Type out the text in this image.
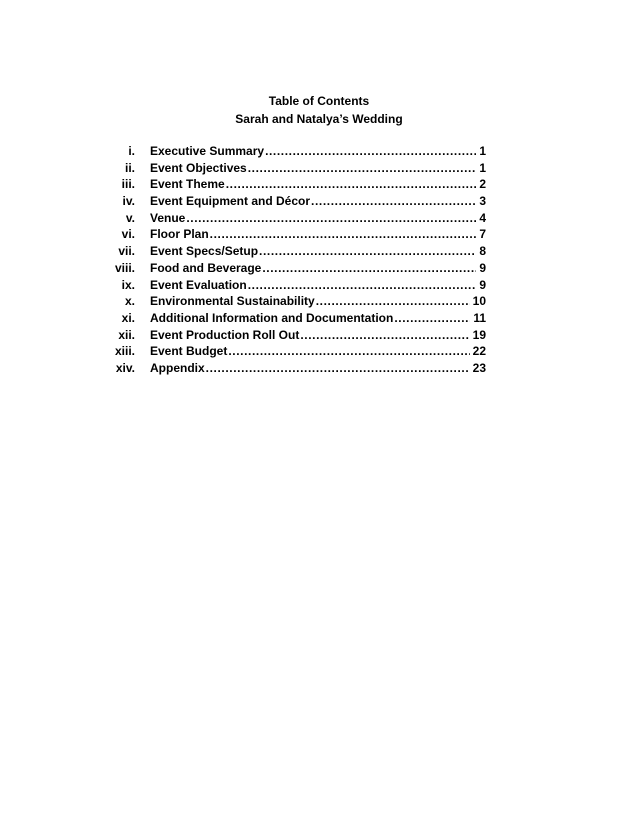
Table of Contents
Sarah and Natalya’s Wedding
i. Executive Summary .....	1
ii. Event Objectives .....	1
iii. Event Theme .....	2
iv. Event Equipment and Décor .....	3
v. Venue .....	4
vi. Floor Plan .....	7
vii. Event Specs/Setup .....	8
viii. Food and Beverage .....	9
ix. Event Evaluation .....	9
x. Environmental Sustainability .....	10
xi. Additional Information and Documentation .....	11
xii. Event Production Roll Out .....	19
xiii. Event Budget .....	22
xiv. Appendix .....	23
